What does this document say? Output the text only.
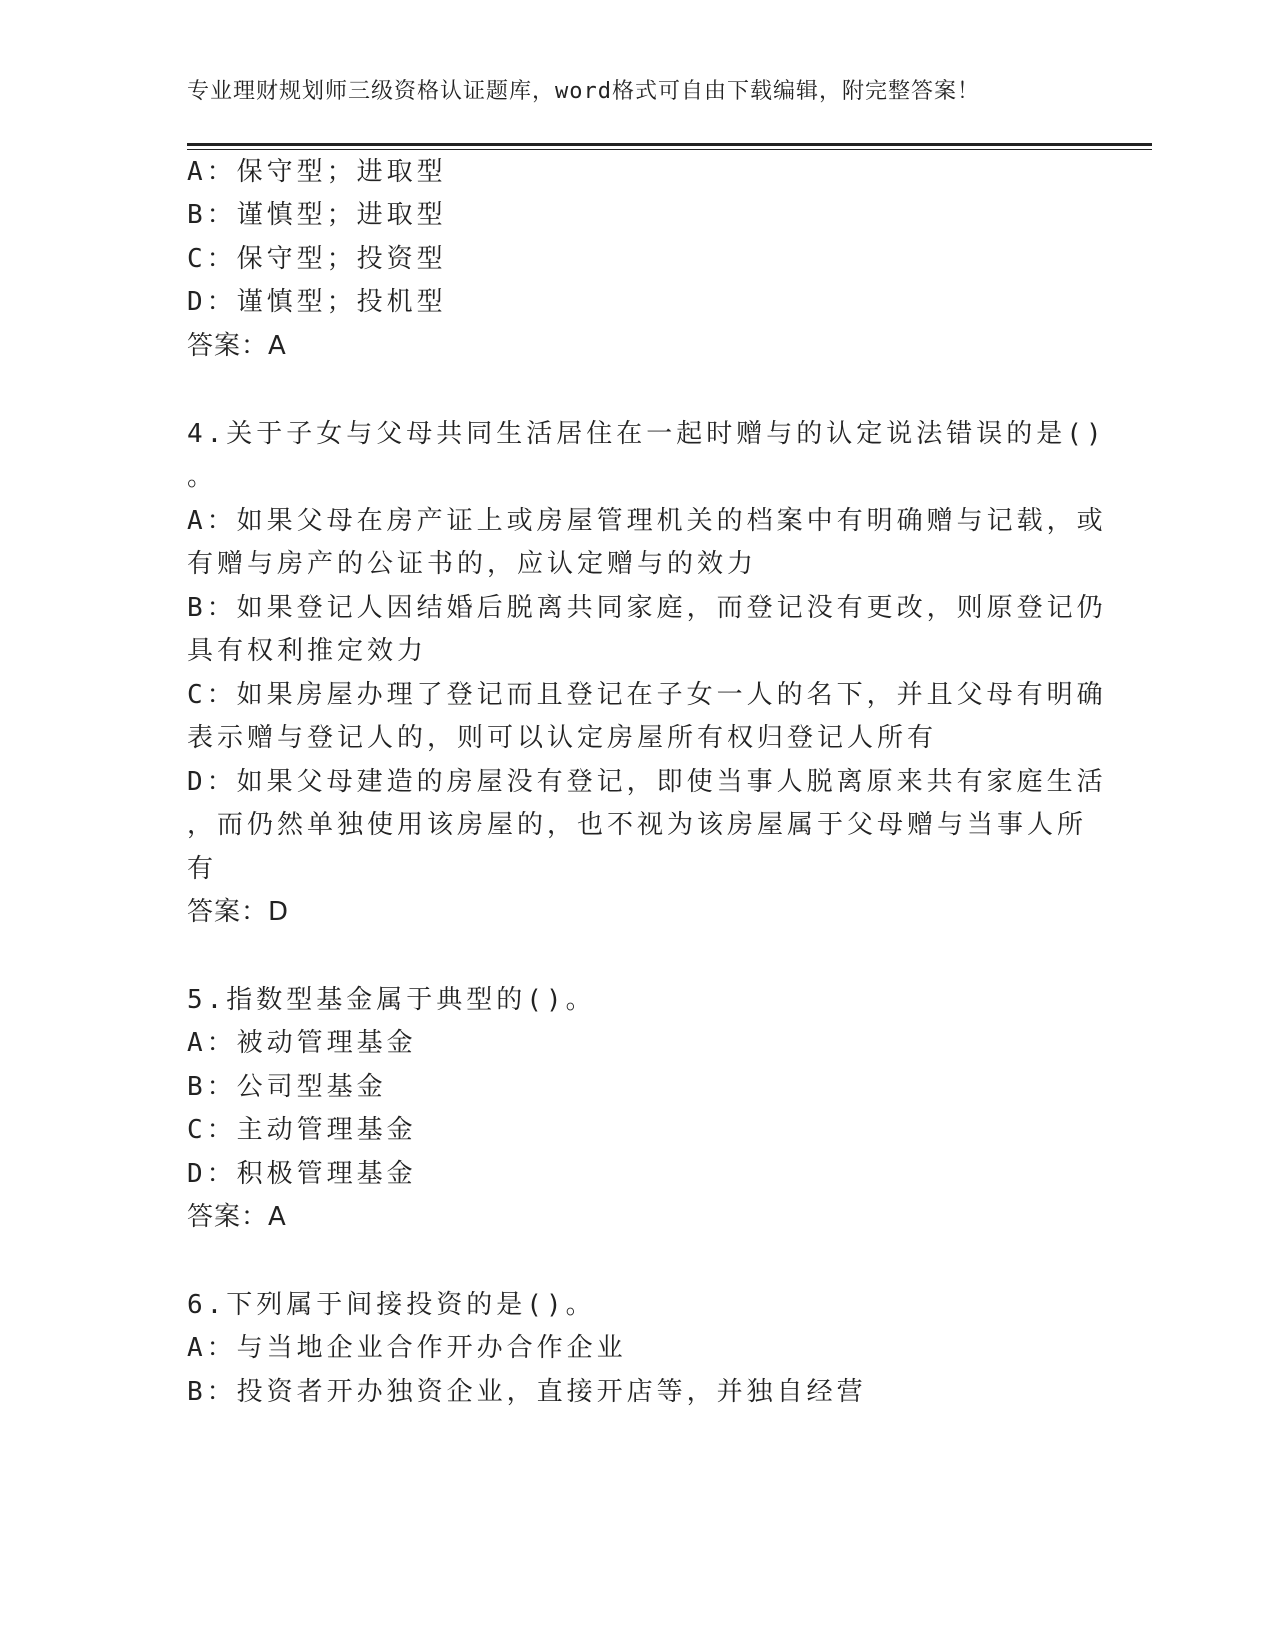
专业理财规划师三级资格认证题库，word格式可自由下载编辑，附完整答案！
A：保守型；进取型
B：谨慎型；进取型
C：保守型；投资型
D：谨慎型；投机型
答案：A
4.关于子女与父母共同生活居住在一起时赠与的认定说法错误的是()
。
A：如果父母在房产证上或房屋管理机关的档案中有明确赠与记载，或
有赠与房产的公证书的，应认定赠与的效力
B：如果登记人因结婚后脱离共同家庭，而登记没有更改，则原登记仍
具有权利推定效力
C：如果房屋办理了登记而且登记在子女一人的名下，并且父母有明确
表示赠与登记人的，则可以认定房屋所有权归登记人所有
D：如果父母建造的房屋没有登记，即使当事人脱离原来共有家庭生活
，而仍然单独使用该房屋的，也不视为该房屋属于父母赠与当事人所
有
答案：D
5.指数型基金属于典型的()。
A：被动管理基金
B：公司型基金
C：主动管理基金
D：积极管理基金
答案：A
6.下列属于间接投资的是()。
A：与当地企业合作开办合作企业
B：投资者开办独资企业，直接开店等，并独自经营
